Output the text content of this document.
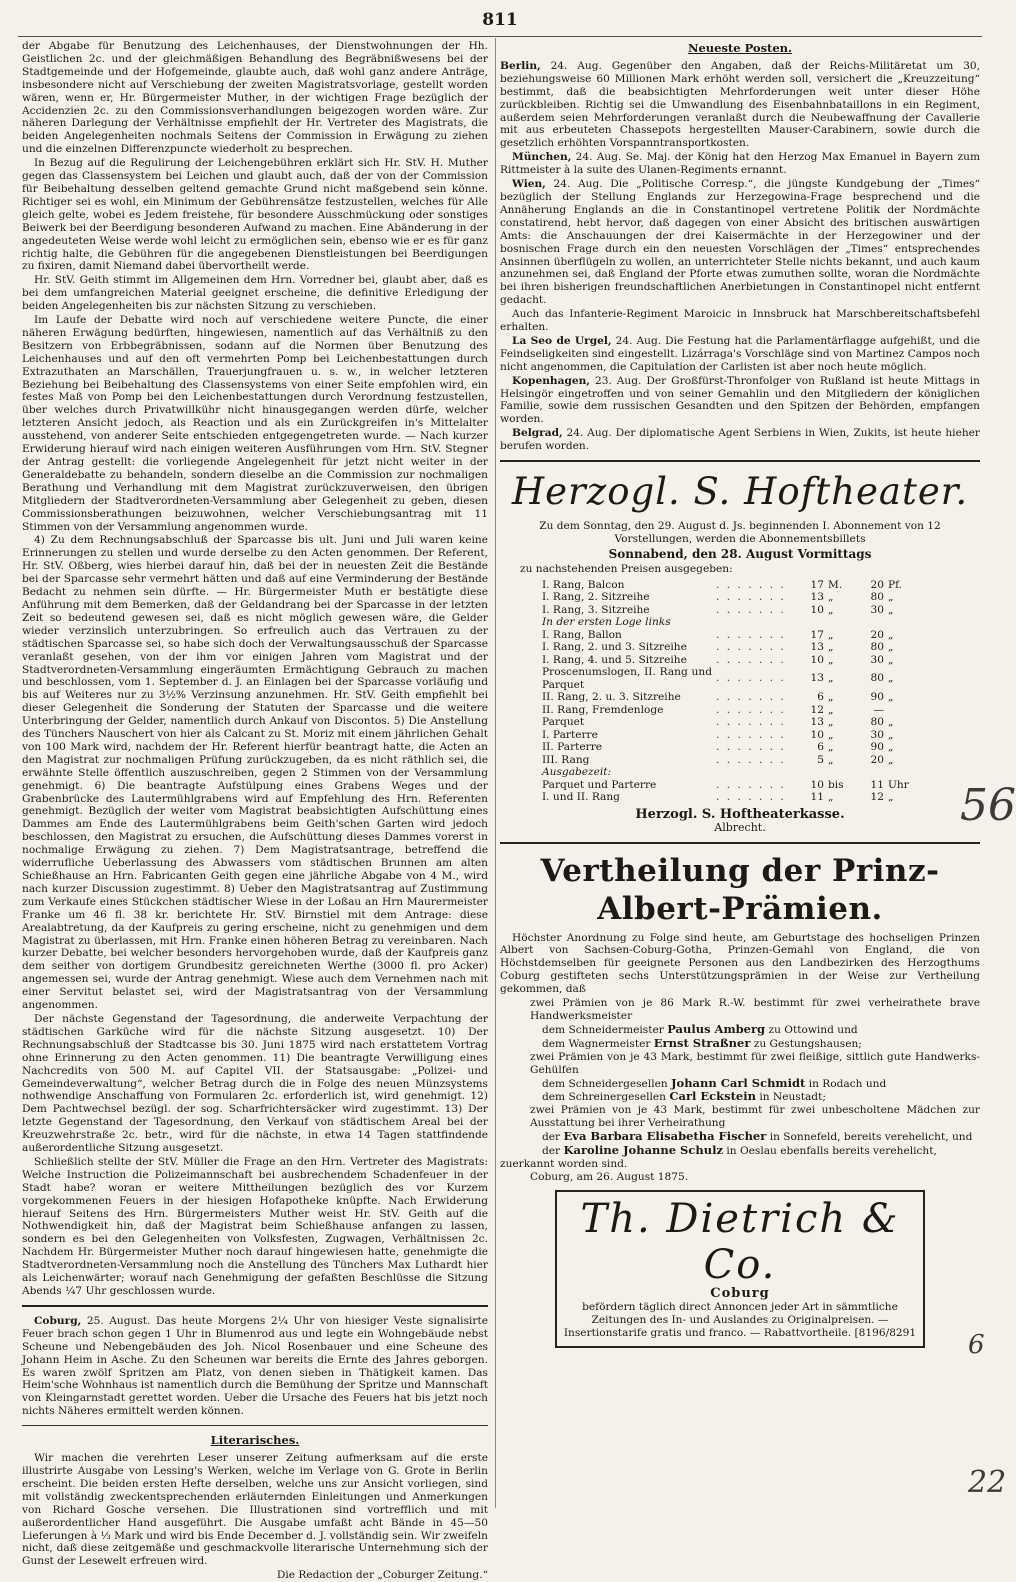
811

der Abgabe für Benutzung des Leichenhauses, der Dienstwohnungen der Hh. Geistlichen 2c. und der gleichmäßigen Behandlung des Begräbnißwesens bei der Stadtgemeinde und der Hofgemeinde, glaubte auch, daß wohl ganz andere Anträge, insbesondere nicht auf Verschiebung der zweiten Magistratsvorlage, gestellt worden wären, wenn er, Hr. Bürgermeister Muther, in der wichtigen Frage bezüglich der Accidenzien 2c. zu den Commissionsverhandlungen beigezogen worden wäre. Zur näheren Darlegung der Verhältnisse empfiehlt der Hr. Vertreter des Magistrats, die beiden Angelegenheiten nochmals Seitens der Commission in Erwägung zu ziehen und die einzelnen Differenzpuncte wiederholt zu besprechen.

In Bezug auf die Regulirung der Leichengebühren erklärt sich Hr. StV. H. Muther gegen das Classensystem bei Leichen und glaubt auch, daß der von der Commission für Beibehaltung desselben geltend gemachte Grund nicht maßgebend sein könne. Richtiger sei es wohl, ein Minimum der Gebührensätze festzustellen, welches für Alle gleich gelte, wobei es Jedem freistehe, für besondere Ausschmückung oder sonstiges Beiwerk bei der Beerdigung besonderen Aufwand zu machen. Eine Abänderung in der angedeuteten Weise werde wohl leicht zu ermöglichen sein, ebenso wie er es für ganz richtig halte, die Gebühren für die angegebenen Dienstleistungen bei Beerdigungen zu fixiren, damit Niemand dabei übervortheilt werde.

Hr. StV. Geith stimmt im Allgemeinen dem Hrn. Vorredner bei, glaubt aber, daß es bei dem umfangreichen Material geeignet erscheine, die definitive Erledigung der beiden Angelegenheiten bis zur nächsten Sitzung zu verschieben.

Im Laufe der Debatte wird noch auf verschiedene weitere Puncte, die einer näheren Erwägung bedürften, hingewiesen, namentlich auf das Verhältniß zu den Besitzern von Erbbegräbnissen, sodann auf die Normen über Benutzung des Leichenhauses und auf den oft vermehrten Pomp bei Leichenbestattungen durch Extrazuthaten an Marschällen, Trauerjungfrauen u. s. w., in welcher letzteren Beziehung bei Beibehaltung des Classensystems von einer Seite empfohlen wird, ein festes Maß von Pomp bei den Leichenbestattungen durch Verordnung festzustellen, über welches durch Privatwillkühr nicht hinausgegangen werden dürfe, welcher letzteren Ansicht jedoch, als Reaction und als ein Zurückgreifen in's Mittelalter ausstehend, von anderer Seite entschieden entgegengetreten wurde. — Nach kurzer Erwiderung hierauf wird nach einigen weiteren Ausführungen vom Hrn. StV. Stegner der Antrag gestellt: die vorliegende Angelegenheit für jetzt nicht weiter in der Generaldebatte zu behandeln, sondern dieselbe an die Commission zur nochmaligen Berathung und Verhandlung mit dem Magistrat zurückzuverweisen, den übrigen Mitgliedern der Stadtverordneten-Versammlung aber Gelegenheit zu geben, diesen Commissionsberathungen beizuwohnen, welcher Verschiebungsantrag mit 11 Stimmen von der Versammlung angenommen wurde.

4) Zu dem Rechnungsabschluß der Sparcasse bis ult. Juni und Juli waren keine Erinnerungen zu stellen und wurde derselbe zu den Acten genommen. Der Referent, Hr. StV. Oßberg, wies hierbei darauf hin, daß bei der in neuesten Zeit die Bestände bei der Sparcasse sehr vermehrt hätten und daß auf eine Verminderung der Bestände Bedacht zu nehmen sein dürfte. — Hr. Bürgermeister Muth er bestätigte diese Anführung mit dem Bemerken, daß der Geldandrang bei der Sparcasse in der letzten Zeit so bedeutend gewesen sei, daß es nicht möglich gewesen wäre, die Gelder wieder verzinslich unterzubringen. So erfreulich auch das Vertrauen zu der städtischen Sparcasse sei, so habe sich doch der Verwaltungsausschuß der Sparcasse veranlaßt gesehen, von der ihm vor einigen Jahren vom Magistrat und der Stadtverordneten-Versammlung eingeräumten Ermächtigung Gebrauch zu machen und beschlossen, vom 1. September d. J. an Einlagen bei der Sparcasse vorläufig und bis auf Weiteres nur zu 3½% Verzinsung anzunehmen. Hr. StV. Geith empfiehlt bei dieser Gelegenheit die Sonderung der Statuten der Sparcasse und die weitere Unterbringung der Gelder, namentlich durch Ankauf von Discontos. 5) Die Anstellung des Tünchers Nauschert von hier als Calcant zu St. Moriz mit einem jährlichen Gehalt von 100 Mark wird, nachdem der Hr. Referent hierfür beantragt hatte, die Acten an den Magistrat zur nochmaligen Prüfung zurückzugeben, da es nicht räthlich sei, die erwähnte Stelle öffentlich auszuschreiben, gegen 2 Stimmen von der Versammlung genehmigt. 6) Die beantragte Aufstülpung eines Grabens Weges und der Grabenbrücke des Lautermühlgrabens wird auf Empfehlung des Hrn. Referenten genehmigt. Bezüglich der weiter vom Magistrat beabsichtigten Aufschüttung eines Dammes am Ende des Lautermühlgrabens beim Geith'schen Garten wird jedoch beschlossen, den Magistrat zu ersuchen, die Aufschüttung dieses Dammes vorerst in nochmalige Erwägung zu ziehen. 7) Dem Magistratsantrage, betreffend die widerrufliche Ueberlassung des Abwassers vom städtischen Brunnen am alten Schießhause an Hrn. Fabricanten Geith gegen eine jährliche Abgabe von 4 M., wird nach kurzer Discussion zugestimmt. 8) Ueber den Magistratsantrag auf Zustimmung zum Verkaufe eines Stückchen städtischer Wiese in der Loßau an Hrn Maurermeister Franke um 46 fl. 38 kr. berichtete Hr. StV. Birnstiel mit dem Antrage: diese Arealabtretung, da der Kaufpreis zu gering erscheine, nicht zu genehmigen und dem Magistrat zu überlassen, mit Hrn. Franke einen höheren Betrag zu vereinbaren. Nach kurzer Debatte, bei welcher besonders hervorgehoben wurde, daß der Kaufpreis ganz dem seither von dortigem Grundbesitz gereichneten Werthe (3000 fl. pro Acker) angemessen sei, wurde der Antrag genehmigt. Wiese auch dem Vernehmen nach mit einer Servitut belastet sei, wird der Magistratsantrag von der Versammlung angenommen.

Der nächste Gegenstand der Tagesordnung, die anderweite Verpachtung der städtischen Garküche wird für die nächste Sitzung ausgesetzt. 10) Der Rechnungsabschluß der Stadtcasse bis 30. Juni 1875 wird nach erstattetem Vortrag ohne Erinnerung zu den Acten genommen. 11) Die beantragte Verwilligung eines Nachcredits von 500 M. auf Capitel VII. der Statsausgabe: „Polizei- und Gemeindeverwaltung“, welcher Betrag durch die in Folge des neuen Münzsystems nothwendige Anschaffung von Formularen 2c. erforderlich ist, wird genehmigt. 12) Dem Pachtwechsel bezügl. der sog. Scharfrichtersäcker wird zugestimmt. 13) Der letzte Gegenstand der Tagesordnung, den Verkauf von städtischem Areal bei der Kreuzwehrstraße 2c. betr., wird für die nächste, in etwa 14 Tagen stattfindende außerordentliche Sitzung ausgesetzt.

Schließlich stellte der StV. Müller die Frage an den Hrn. Vertreter des Magistrats: Welche Instruction die Polizeimannschaft bei ausbrechendem Schadenfeuer in der Stadt habe? woran er weitere Mittheilungen bezüglich des vor Kurzem vorgekommenen Feuers in der hiesigen Hofapotheke knüpfte. Nach Erwiderung hierauf Seitens des Hrn. Bürgermeisters Muther weist Hr. StV. Geith auf die Nothwendigkeit hin, daß der Magistrat beim Schießhause anfangen zu lassen, sondern es bei den Gelegenheiten von Volksfesten, Zugwagen, Verhältnissen 2c. Nachdem Hr. Bürgermeister Muther noch darauf hingewiesen hatte, genehmigte die Stadtverordneten-Versammlung noch die Anstellung des Tünchers Max Luthardt hier als Leichenwärter; worauf nach Genehmigung der gefaßten Beschlüsse die Sitzung Abends ¼7 Uhr geschlossen wurde.

Coburg, 25. August. Das heute Morgens 2¼ Uhr von hiesiger Veste signalisirte Feuer brach schon gegen 1 Uhr in Blumenrod aus und legte ein Wohngebäude nebst Scheune und Nebengebäuden des Joh. Nicol Rosenbauer und eine Scheune des Johann Heim in Asche. Zu den Scheunen war bereits die Ernte des Jahres geborgen. Es waren zwölf Spritzen am Platz, von denen sieben in Thätigkeit kamen. Das Heim'sche Wohnhaus ist namentlich durch die Bemühung der Spritze und Mannschaft von Kleingarnstadt gerettet worden. Ueber die Ursache des Feuers hat bis jetzt noch nichts Näheres ermittelt werden können.

Literarisches.

Wir machen die verehrten Leser unserer Zeitung aufmerksam auf die erste illustrirte Ausgabe von Lessing's Werken, welche im Verlage von G. Grote in Berlin erscheint. Die beiden ersten Hefte derselben, welche uns zur Ansicht vorliegen, sind mit vollständig zweckentsprechenden erläuternden Einleitungen und Anmerkungen von Richard Gosche versehen. Die Illustrationen sind vortrefflich und mit außerordentlicher Hand ausgeführt. Die Ausgabe umfaßt acht Bände in 45—50 Lieferungen à ⅓ Mark und wird bis Ende December d. J. vollständig sein. Wir zweifeln nicht, daß diese zeitgemäße und geschmackvolle literarische Unternehmung sich der Gunst der Lesewelt erfreuen wird.

Die Redaction der „Coburger Zeitung.“

Neueste Posten.

Berlin, 24. Aug. Gegenüber den Angaben, daß der Reichs-Militäretat um 30, beziehungsweise 60 Millionen Mark erhöht werden soll, versichert die „Kreuzzeitung“ bestimmt, daß die beabsichtigten Mehrforderungen weit unter dieser Höhe zurückbleiben. Richtig sei die Umwandlung des Eisenbahnbataillons in ein Regiment, außerdem seien Mehrforderungen veranlaßt durch die Neubewaffnung der Cavallerie mit aus erbeuteten Chassepots hergestellten Mauser-Carabinern, sowie durch die gesetzlich erhöhten Vorspanntransportkosten.

München, 24. Aug. Se. Maj. der König hat den Herzog Max Emanuel in Bayern zum Rittmeister à la suite des Ulanen-Regiments ernannt.

Wien, 24. Aug. Die „Politische Corresp.“, die jüngste Kundgebung der „Times“ bezüglich der Stellung Englands zur Herzegowina-Frage besprechend und die Annäherung Englands an die in Constantinopel vertretene Politik der Nordmächte constatirend, hebt hervor, daß dagegen von einer Absicht des britischen auswärtigen Amts: die Anschauungen der drei Kaisermächte in der Herzegowiner und der bosnischen Frage durch ein den neuesten Vorschlägen der „Times“ entsprechendes Ansinnen überflügeln zu wollen, an unterrichteter Stelle nichts bekannt, und auch kaum anzunehmen sei, daß England der Pforte etwas zumuthen sollte, woran die Nordmächte bei ihren bisherigen freundschaftlichen Anerbietungen in Constantinopel nicht entfernt gedacht.

Auch das Infanterie-Regiment Maroicic in Innsbruck hat Marschbereitschaftsbefehl erhalten.

La Seo de Urgel, 24. Aug. Die Festung hat die Parlamentärflagge aufgehißt, und die Feindseligkeiten sind eingestellt. Lizárraga's Vorschläge sind von Martinez Campos noch nicht angenommen, die Capitulation der Carlisten ist aber noch heute möglich.

Kopenhagen, 23. Aug. Der Großfürst-Thronfolger von Rußland ist heute Mittags in Helsingör eingetroffen und von seiner Gemahlin und den Mitgliedern der königlichen Familie, sowie dem russischen Gesandten und den Spitzen der Behörden, empfangen worden.

Belgrad, 24. Aug. Der diplomatische Agent Serbiens in Wien, Zukits, ist heute hieher berufen worden.

Herzogl. S. Hoftheater.
Zu dem Sonntag, den 29. August d. Js. beginnenden I. Abonnement von 12 Vorstellungen, werden die Abonnementsbillets
Sonnabend, den 28. August Vormittags
zu nachstehenden Preisen ausgegeben:
I. Rang, Balcon	. . . . . . .	17	M.	20	Pf.
I. Rang, 2. Sitzreihe	. . . . . . .	13	„	80	„
I. Rang, 3. Sitzreihe	. . . . . . .	10	„	30	„
In der ersten Loge links					
I. Rang, Ballon	. . . . . . .	17	„	20	„
I. Rang, 2. und 3. Sitzreihe	. . . . . . .	13	„	80	„
I. Rang, 4. und 5. Sitzreihe	. . . . . . .	10	„	30	„
Proscenumslogen, II. Rang und Parquet	. . . . . . .	13	„	80	„
II. Rang, 2. u. 3. Sitzreihe	. . . . . . .	6	„	90	„
II. Rang, Fremdenloge	. . . . . . .	12	„	—	
Parquet	. . . . . . .	13	„	80	„
I. Parterre	. . . . . . .	10	„	30	„
II. Parterre	. . . . . . .	6	„	90	„
III. Rang	. . . . . . .	5	„	20	„
Ausgabezeit:					
Parquet und Parterre	. . . . . . .	10	bis	11	Uhr
I. und II. Rang	. . . . . . .	11	„	12	„
Herzogl. S. Hoftheaterkasse.
Albrecht.
Vertheilung der Prinz-Albert-Prämien.

Höchster Anordnung zu Folge sind heute, am Geburtstage des hochseligen Prinzen Albert von Sachsen-Coburg-Gotha, Prinzen-Gemahl von England, die von Höchstdemselben für geeignete Personen aus den Landbezirken des Herzogthums Coburg gestifteten sechs Unterstützungsprämien in der Weise zur Vertheilung gekommen, daß

zwei Prämien von je 86 Mark R.-W. bestimmt für zwei verheirathete brave Handwerksmeister
dem Schneidermeister Paulus Amberg zu Ottowind und
dem Wagnermeister Ernst Straßner zu Gestungshausen;
zwei Prämien von je 43 Mark, bestimmt für zwei fleißige, sittlich gute Handwerks-Gehülfen
dem Schneidergesellen Johann Carl Schmidt in Rodach und
dem Schreinergesellen Carl Eckstein in Neustadt;
zwei Prämien von je 43 Mark, bestimmt für zwei unbescholtene Mädchen zur Ausstattung bei ihrer Verheirathung
der Eva Barbara Elisabetha Fischer in Sonnefeld, bereits verehelicht, und
der Karoline Johanne Schulz in Oeslau ebenfalls bereits verehelicht,
zuerkannt worden sind.
Coburg, am 26. August 1875.
Th. Dietrich & Co.
Coburg
befördern täglich direct Annoncen jeder Art in sämmtliche Zeitungen des In- und Auslandes zu Originalpreisen. — Insertionstarife gratis und franco. — Rabattvortheile. [8196/8291
56
6
22
